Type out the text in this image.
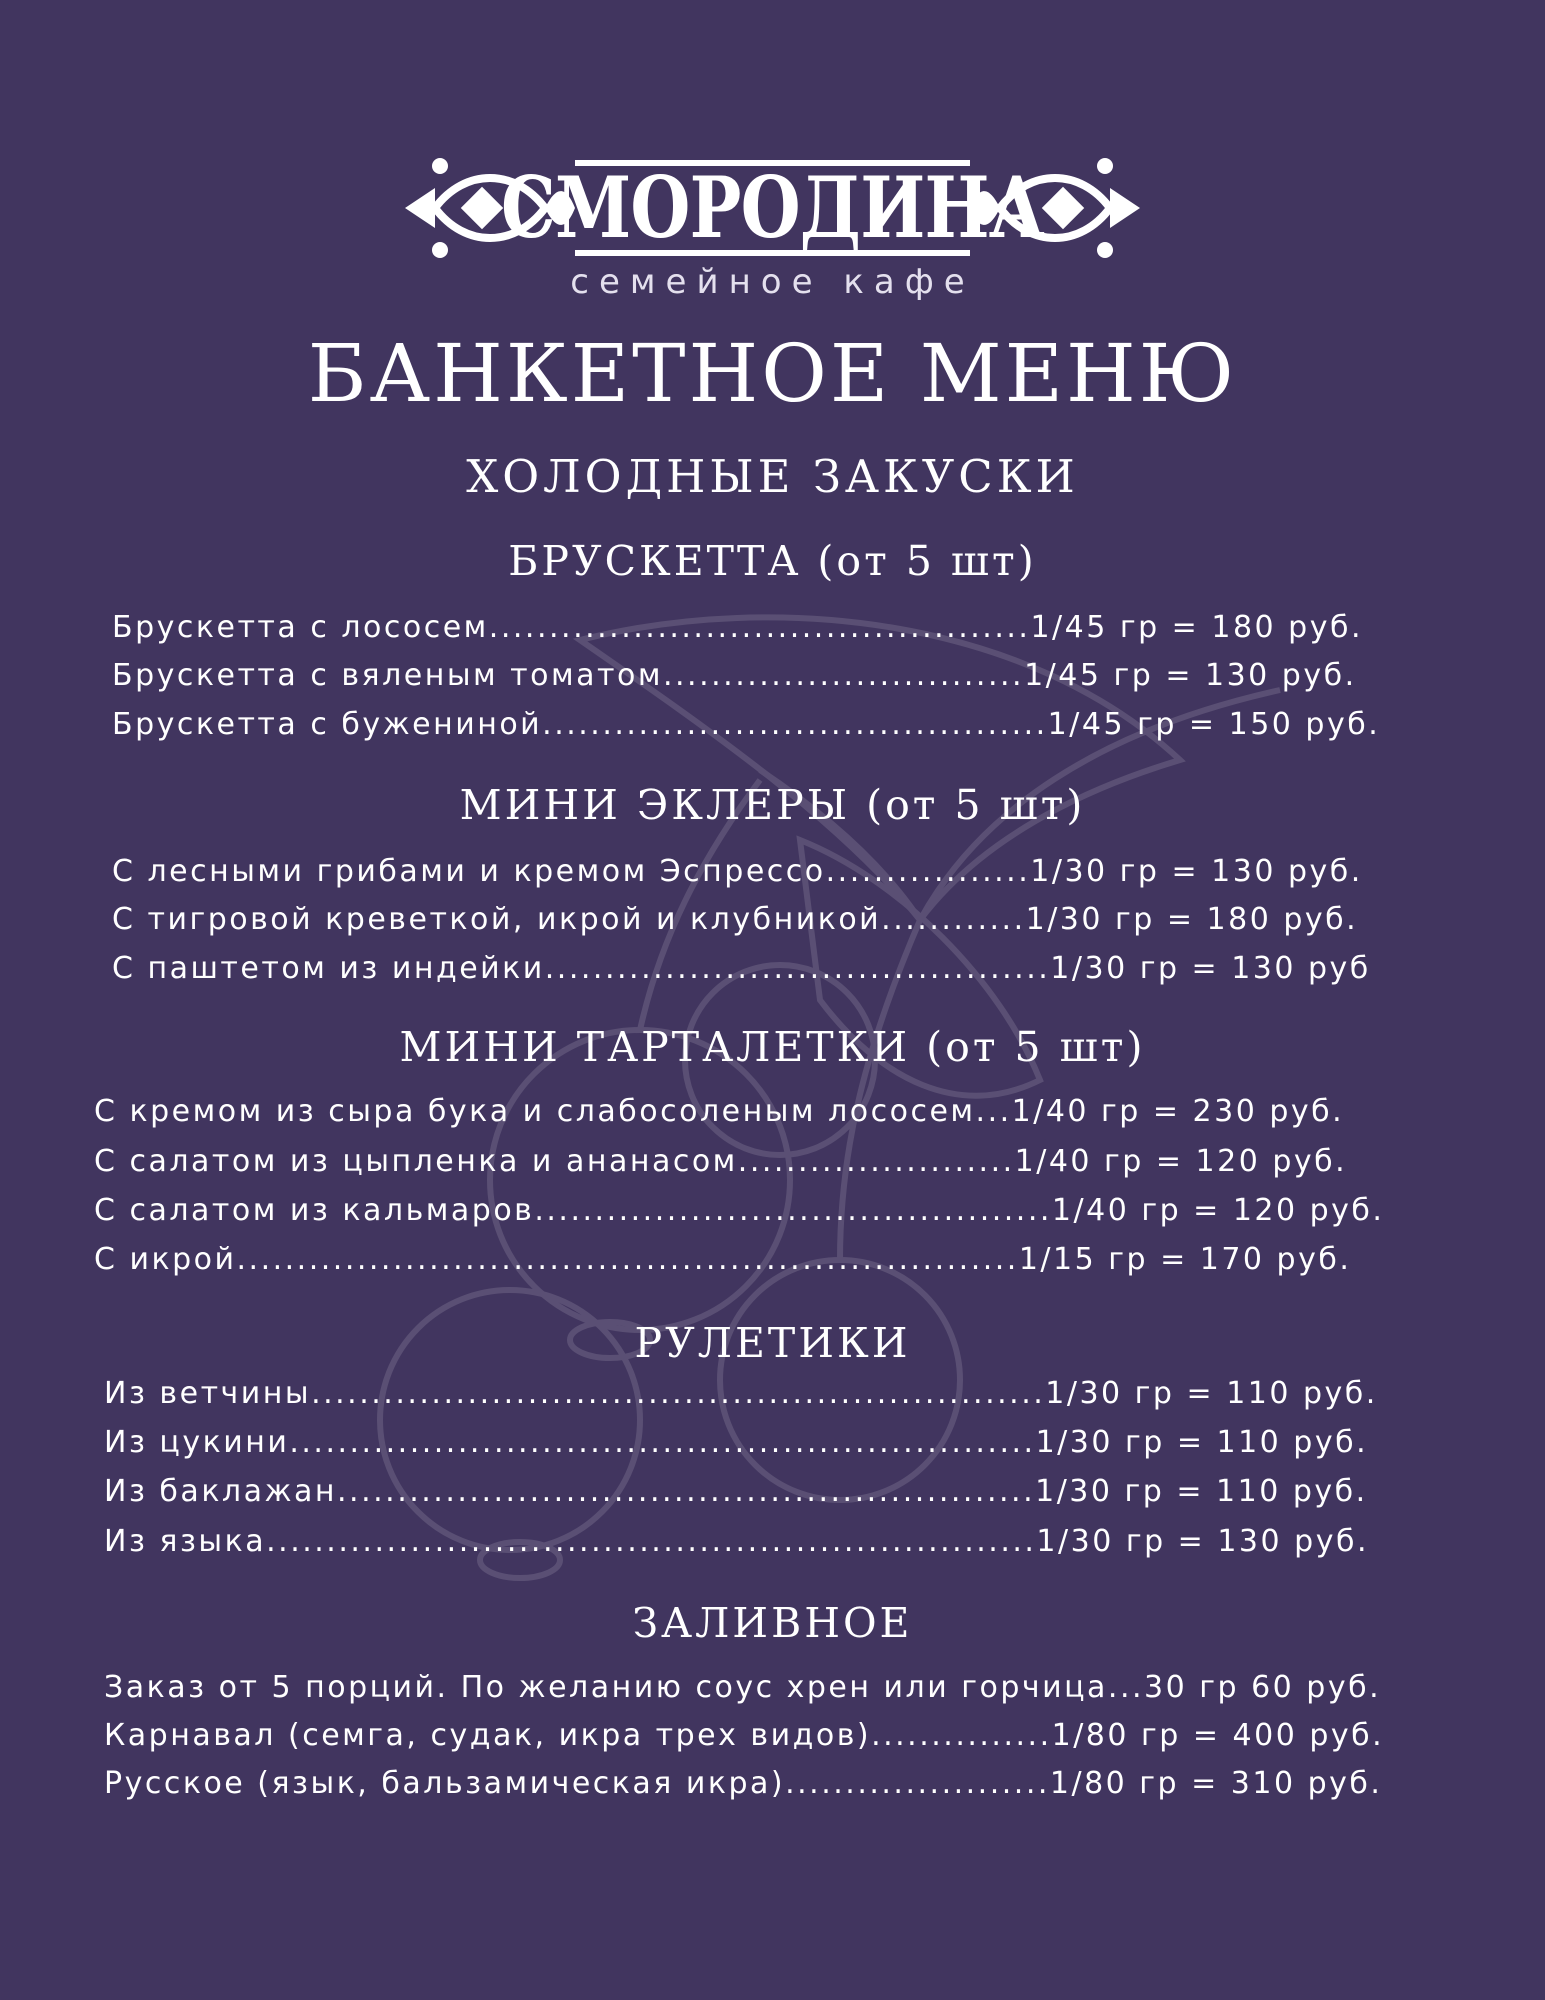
СМОРОДИНА
семейное кафе
БАНКЕТНОЕ МЕНЮ
ХОЛОДНЫЕ ЗАКУСКИ
БРУСКЕТТА (от 5 шт)
Брускетта с лососем.............................................1/45 гр = 180 руб.
Брускетта с вяленым томатом..............................1/45 гр = 130 руб.
Брускетта с бужениной..........................................1/45 гр = 150 руб.
МИНИ ЭКЛЕРЫ (от 5 шт)
С лесными грибами и кремом Эспрессо.................1/30 гр = 130 руб.
С тигровой креветкой, икрой и клубникой............1/30 гр = 180 руб.
С паштетом из индейки..........................................1/30 гр = 130 руб
МИНИ ТАРТАЛЕТКИ (от 5 шт)
С кремом из сыра бука и слабосоленым лососем...1/40 гр = 230 руб.
С салатом из цыпленка и ананасом.......................1/40 гр = 120 руб.
С салатом из кальмаров...........................................1/40 гр = 120 руб.
С икрой.................................................................1/15 гр = 170 руб.
РУЛЕТИКИ
Из ветчины.............................................................1/30 гр = 110 руб.
Из цукини..............................................................1/30 гр = 110 руб.
Из баклажан..........................................................1/30 гр = 110 руб.
Из языка................................................................1/30 гр = 130 руб.
ЗАЛИВНОЕ
Заказ от 5 порций. По желанию соус хрен или горчица...30 гр 60 руб.
Карнавал (семга, судак, икра трех видов)...............1/80 гр = 400 руб.
Русское (язык, бальзамическая икра)......................1/80 гр = 310 руб.
